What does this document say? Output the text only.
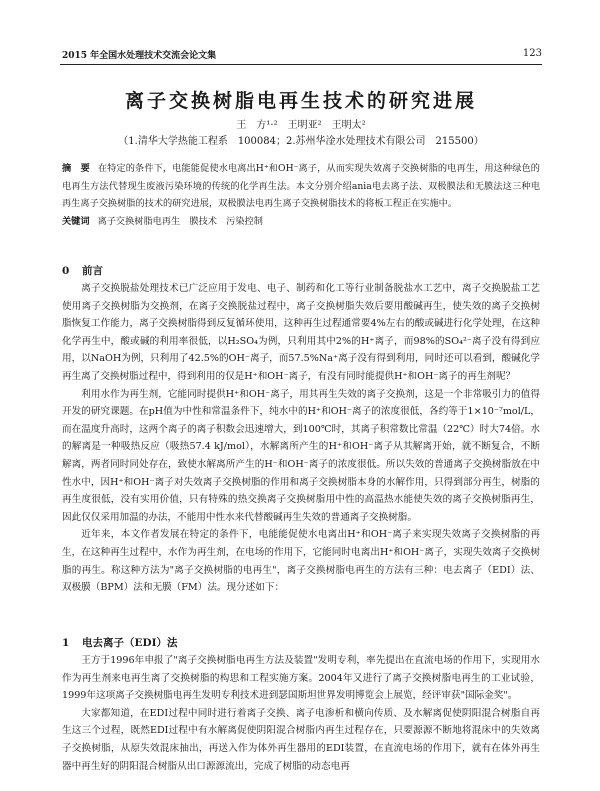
2015 年全国水处理技术交流会论文集	123
离子交换树脂电再生技术的研究进展
王　方¹·²　王明亚²　王明太²
（1.清华大学热能工程系　100084；2.苏州华淦水处理技术有限公司　215500）
摘　要 在特定的条件下，电能能促使水电离出H⁺和OH⁻离子，从而实现失效离子交换树脂的电再生，用这种绿色的电再生方法代替现生废液污染环境的传统的化学再生法。本文分别介绍ania电去离子法、双极膜法和无膜法这三种电再生离子交换树脂的技术的研究进展，双极膜法电再生离子交换树脂技术的将板工程正在实施中。
关键词 离子交换树脂电再生　膜技术　污染控制
0 前言

离子交换脱盐处理技术已广泛应用于发电、电子、制药和化工等行业制备脱盐水工艺中，离子交换脱盐工艺使用离子交换树脂为交换剂，在离子交换脱盐过程中，离子交换树脂失效后要用酸碱再生，使失效的离子交换树脂恢复工作能力，离子交换树脂得到反复循环使用，这种再生过程通常要4%左右的酸或碱进行化学处理，在这种化学再生中，酸或碱的利用率很低，以H₂SO₄为例，只利用其中2%的H⁺离子，而98%的SO₄²⁻离子没有得到应用，以NaOH为例，只利用了42.5%的OH⁻离子，而57.5%Na⁺离子没有得到利用，同时还可以看到，酸碱化学再生离了交换树脂过程中，得到利用的仅是H⁺和OH⁻离子，有没有同时能提供H⁺和OH⁻离子的再生剂呢？

利用水作为再生剂，它能同时提供H⁺和OH⁻离子，用其再生失效的离子交换剂，这是一个非常吸引力的值得开发的研究课题。在pH值为中性和常温条件下，纯水中的H⁺和OH⁻离子的浓度很低，各约等于1×10⁻⁷mol/L，而在温度升高时，这两个离子的离子积数会迅速增大，到100℃时，其离子积常数比常温（22℃）时大74倍。水的解离是一种吸热反应（吸热57.4 kJ/mol），水解离所产生的H⁺和OH⁻离子从其解离开始，就不断复合，不断解离，两者同时同处存在，致使水解离所产生的H⁻和OH⁻离子的浓度很低。所以失效的普通离子交换树脂放在中性水中，因H⁺和OH⁻离子对失效离子交换树脂的作用和离子交换树脂本身的水解作用，只得到部分再生，树脂的再生度很低，没有实用价值，只有特殊的热交换离子交换树脂用中性的高温热水能使失效的离子交换树脂再生，因此仅仅采用加温的办法，不能用中性水来代替酸碱再生失效的普通离子交换树脂。

近年来，本文作者发展在特定的条件下，电能能促使水电离出H⁺和OH⁻离子来实现失效离子交换树脂的再生，在这种再生过程中，水作为再生剂，在电场的作用下，它能同时电离出H⁺和OH⁻离子，实现失效离子交换树脂的再生。称这种方法为"离子交换树脂的电再生"，离子交换树脂电再生的方法有三种：电去离子（EDI）法、双极膜（BPM）法和无膜（FM）法。现分述如下：

1 电去离子（EDI）法

王方于1996年申报了"离子交换树脂电再生方法及装置"发明专利，率先提出在直流电场的作用下，实现用水作为再生剂来电再生离了交换树脂的构思和工程实施方案。2004年又进行了离子交换树脂电再生的工业试验，1999年这项离子交换树脂电再生发明专利技术进到瑟国斯坦世界发明博览会上展览，经评审获"国际金奖"。

大家都知道，在EDI过程中同时进行着离子交换、离子电渗析和横向传质、及水解离促使阴阳混合树脂自再生这三个过程，既然EDI过程中有水解离促使阴阳混合树脂内再生过程存在，只要源源不断地将混床中的失效离子交换树脂，从原失效混床抽出，再送入作为体外再生器用的EDI装置，在直流电场的作用下，就有在体外再生器中再生好的阴阳混合树脂从出口源源流出，完成了树脂的动态电再
